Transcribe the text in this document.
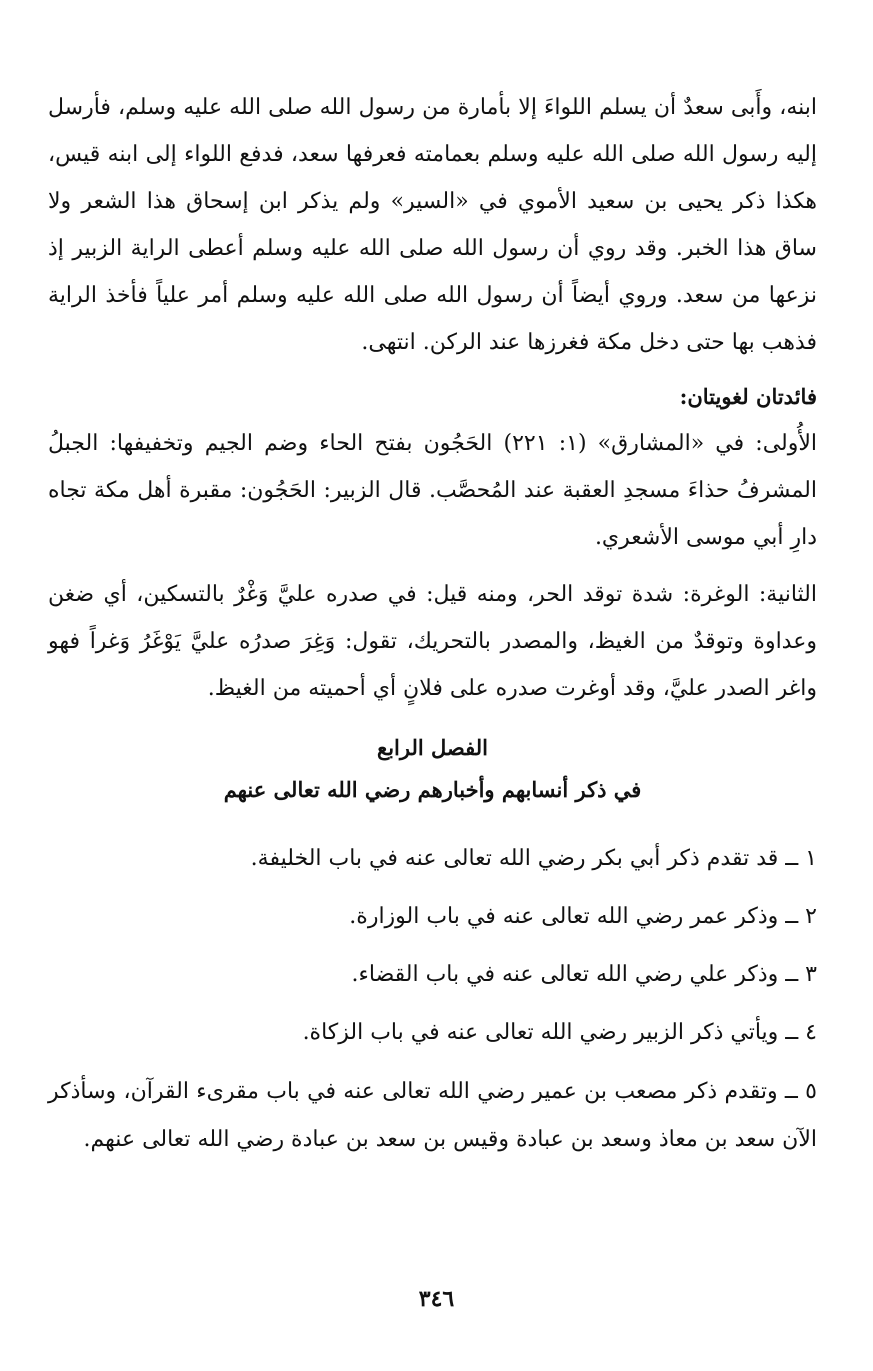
ابنه، وأَبى سعدٌ أن يسلم اللواءَ إلا بأمارة من رسول الله صلى الله عليه وسلم، فأرسل إليه رسول الله صلى الله عليه وسلم بعمامته فعرفها سعد، فدفع اللواء إلى ابنه قيس، هكذا ذكر يحيى بن سعيد الأموي في «السير» ولم يذكر ابن إسحاق هذا الشعر ولا ساق هذا الخبر. وقد روي أن رسول الله صلى الله عليه وسلم أعطى الراية الزبير إذ نزعها من سعد. وروي أيضاً أن رسول الله صلى الله عليه وسلم أمر علياً فأخذ الراية فذهب بها حتى دخل مكة فغرزها عند الركن. انتهى.

فائدتان لغويتان:

الأُولى: في «المشارق» (١: ٢٢١) الحَجُون بفتح الحاء وضم الجيم وتخفيفها: الجبلُ المشرفُ حذاءَ مسجدِ العقبة عند المُحصَّب. قال الزبير: الحَجُون: مقبرة أهل مكة تجاه دارِ أبي موسى الأشعري.

الثانية: الوغرة: شدة توقد الحر، ومنه قيل: في صدره عليَّ وَغْرٌ بالتسكين، أي ضغن وعداوة وتوقدٌ من الغيظ، والمصدر بالتحريك، تقول: وَغِرَ صدرُه عليَّ يَوْغَرُ وَغراً فهو واغر الصدر عليَّ، وقد أوغرت صدره على فلانٍ أي أحميته من الغيظ.

الفصل الرابع

في ذكر أنسابهم وأخبارهم رضي الله تعالى عنهم

١ ــ قد تقدم ذكر أبي بكر رضي الله تعالى عنه في باب الخليفة.

٢ ــ وذكر عمر رضي الله تعالى عنه في باب الوزارة.

٣ ــ وذكر علي رضي الله تعالى عنه في باب القضاء.

٤ ــ ويأتي ذكر الزبير رضي الله تعالى عنه في باب الزكاة.

٥ ــ وتقدم ذكر مصعب بن عمير رضي الله تعالى عنه في باب مقرىء القرآن، وسأذكر الآن سعد بن معاذ وسعد بن عبادة وقيس بن سعد بن عبادة رضي الله تعالى عنهم.

٣٤٦
